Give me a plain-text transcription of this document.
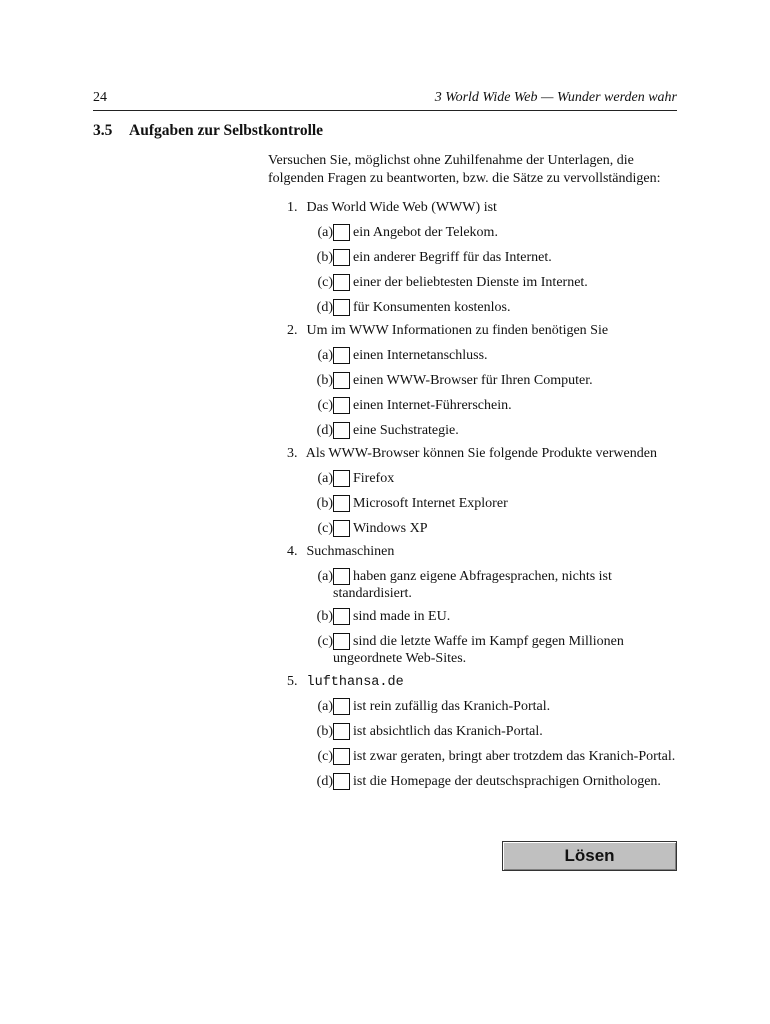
24	3 World Wide Web — Wunder werden wahr
3.5 Aufgaben zur Selbstkontrolle
Versuchen Sie, möglichst ohne Zuhilfenahme der Unterlagen, die folgenden Fragen zu beantworten, bzw. die Sätze zu vervollständigen:
1. Das World Wide Web (WWW) ist
(a) ein Angebot der Telekom.
(b) ein anderer Begriff für das Internet.
(c) einer der beliebtesten Dienste im Internet.
(d) für Konsumenten kostenlos.
2. Um im WWW Informationen zu finden benötigen Sie
(a) einen Internetanschluss.
(b) einen WWW-Browser für Ihren Computer.
(c) einen Internet-Führerschein.
(d) eine Suchstrategie.
3. Als WWW-Browser können Sie folgende Produkte verwenden
(a) Firefox
(b) Microsoft Internet Explorer
(c) Windows XP
4. Suchmaschinen
(a) haben ganz eigene Abfragesprachen, nichts ist
standardisiert.
(b) sind made in EU.
(c) sind die letzte Waffe im Kampf gegen Millionen
ungeordnete Web-Sites.
5. lufthansa.de
(a) ist rein zufällig das Kranich-Portal.
(b) ist absichtlich das Kranich-Portal.
(c) ist zwar geraten, bringt aber trotzdem das Kranich-Portal.
(d) ist die Homepage der deutschsprachigen Ornithologen.
Lösen
